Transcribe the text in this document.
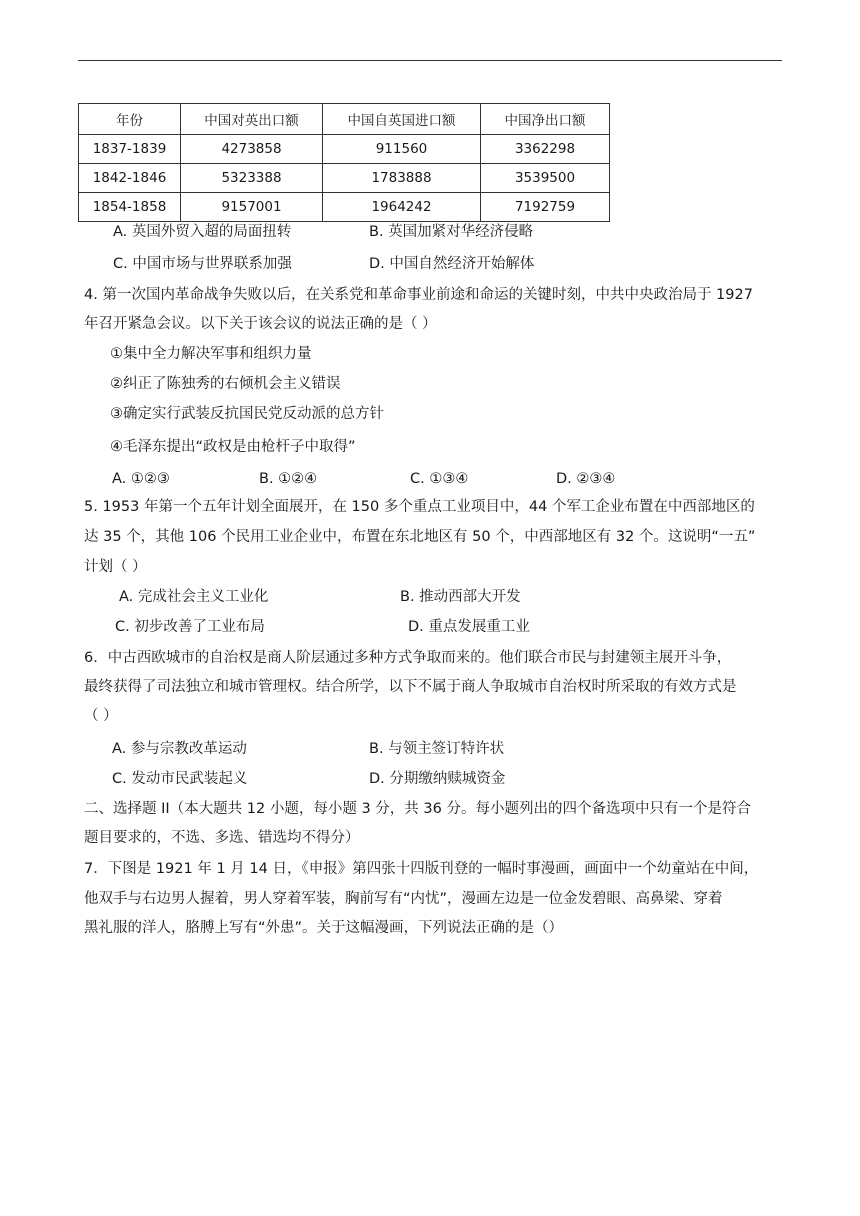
年份	中国对英出口额	中国自英国进口额	中国净出口额
1837-1839	4273858	911560	3362298
1842-1846	5323388	1783888	3539500
1854-1858	9157001	1964242	7192759
A. 英国外贸入超的局面扭转	B. 英国加紧对华经济侵略
C. 中国市场与世界联系加强	D. 中国自然经济开始解体
4. 第一次国内革命战争失败以后，在关系党和革命事业前途和命运的关键时刻，中共中央政治局于 1927
年召开紧急会议。以下关于该会议的说法正确的是（ ）
①集中全力解决军事和组织力量
②纠正了陈独秀的右倾机会主义错误
③确定实行武装反抗国民党反动派的总方针
④毛泽东提出“政权是由枪杆子中取得”
A. ①②③	B. ①②④	C. ①③④	D. ②③④
5. 1953 年第一个五年计划全面展开，在 150 多个重点工业项目中，44 个军工企业布置在中西部地区的
达 35 个，其他 106 个民用工业企业中，布置在东北地区有 50 个，中西部地区有 32 个。这说明“一五”
计划（ ）
A. 完成社会主义工业化	B. 推动西部大开发
C. 初步改善了工业布局	D. 重点发展重工业
6．中古西欧城市的自治权是商人阶层通过多种方式争取而来的。他们联合市民与封建领主展开斗争，
最终获得了司法独立和城市管理权。结合所学，以下不属于商人争取城市自治权时所采取的有效方式是
（ ）
A. 参与宗教改革运动	B. 与领主签订特许状
C. 发动市民武装起义	D. 分期缴纳赎城资金
二、选择题 II（本大题共 12 小题，每小题 3 分，共 36 分。每小题列出的四个备选项中只有一个是符合
题目要求的，不选、多选、错选均不得分）
7．下图是 1921 年 1 月 14 日，《申报》第四张十四版刊登的一幅时事漫画，画面中一个幼童站在中间，
他双手与右边男人握着，男人穿着军装，胸前写有“内忧”，漫画左边是一位金发碧眼、高鼻梁、穿着
黑礼服的洋人，胳膊上写有“外患”。关于这幅漫画，下列说法正确的是（）
